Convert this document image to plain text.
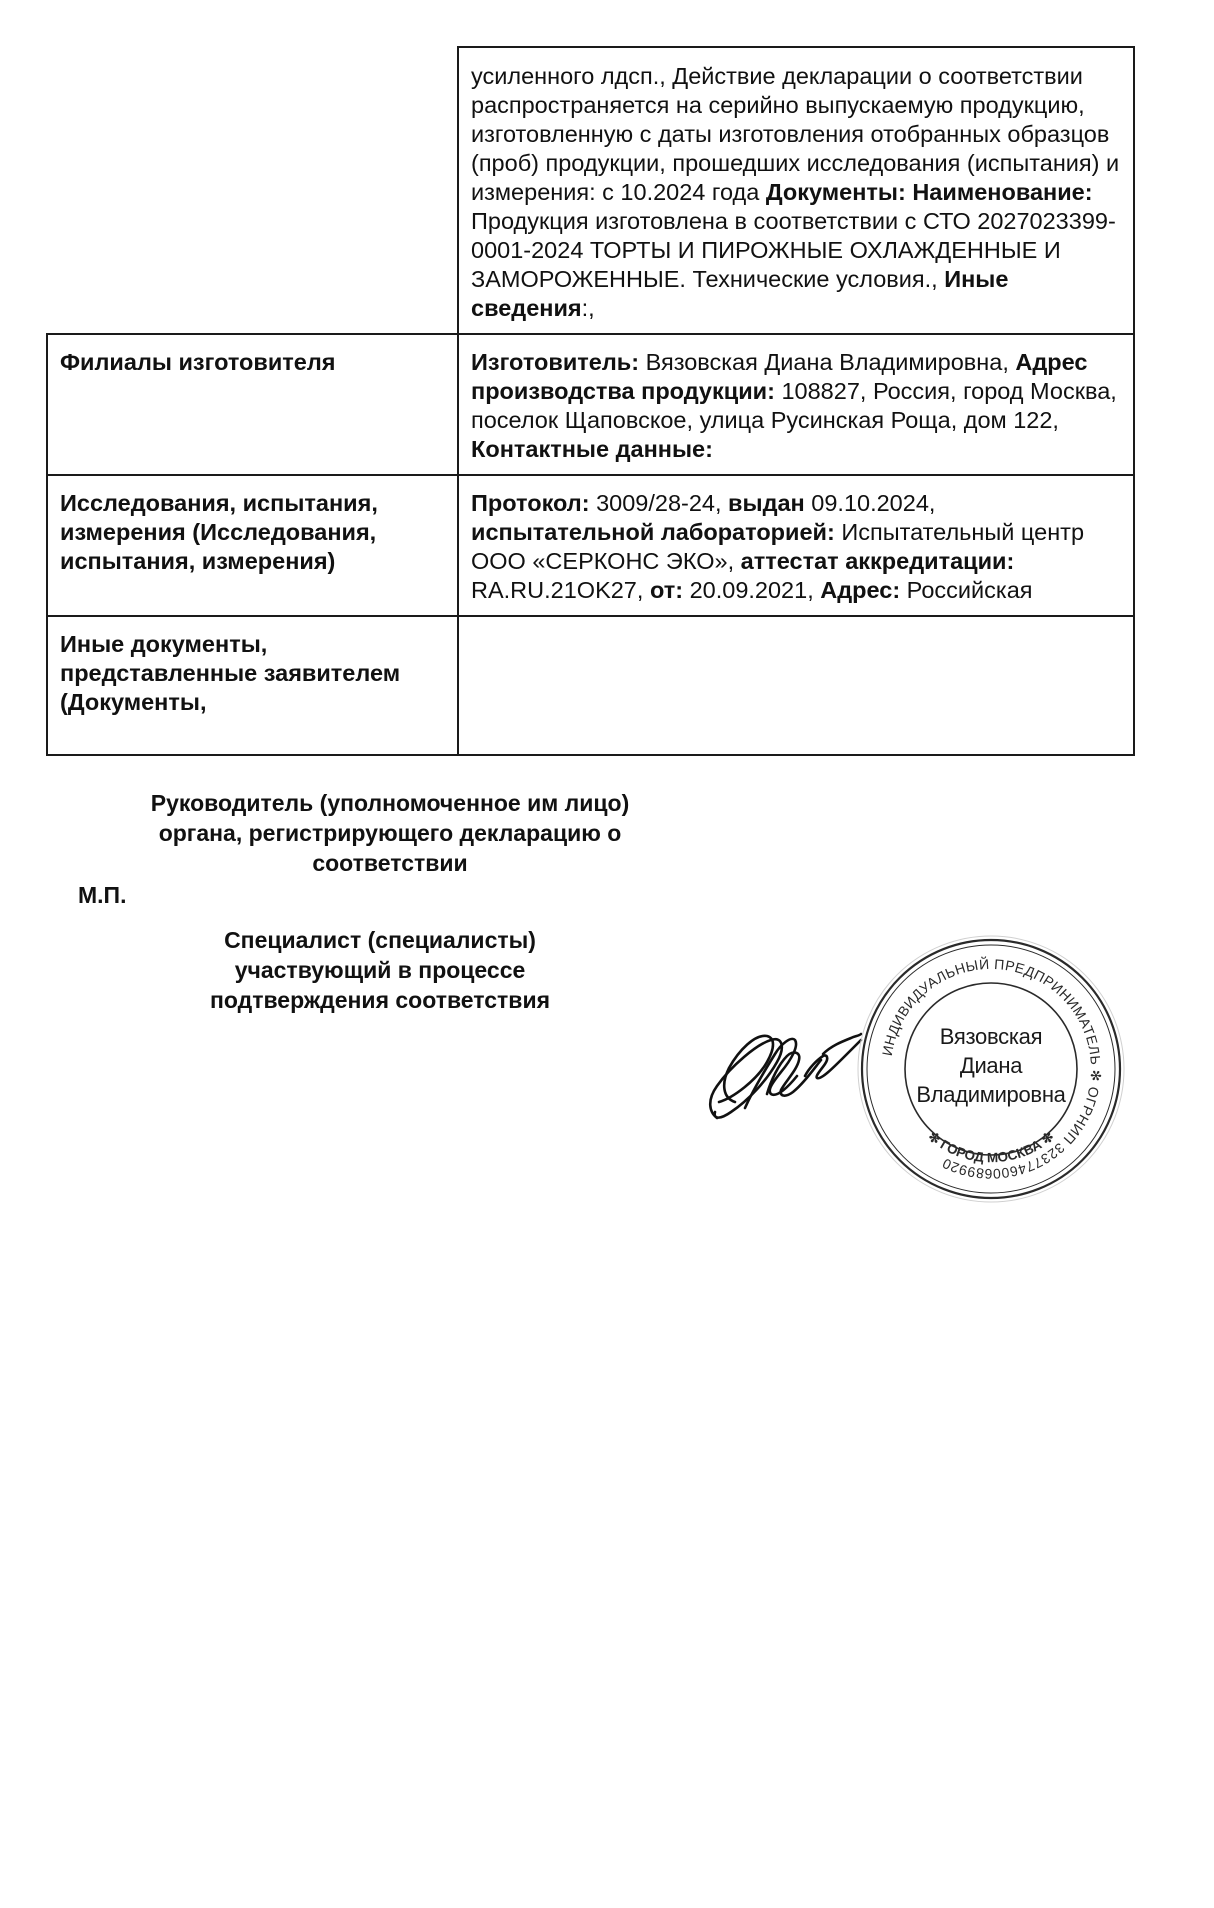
	усиленного лдсп., Действие декларации о соответствии распространяется на серийно выпускаемую продукцию, изготовленную с даты изготовления отобранных образцов (проб) продукции, прошедших исследования (испытания) и измерения: с 10.2024 года Документы: Наименование: Продукция изготовлена в соответствии с СТО 2027023399-0001-2024 ТОРТЫ И ПИРОЖНЫЕ ОХЛАЖДЕННЫЕ И ЗАМОРОЖЕННЫЕ. Технические условия., Иные сведения:,
Филиалы изготовителя	Изготовитель: Вязовская Диана Владимировна, Адрес производства продукции: 108827, Россия, город Москва, поселок Щаповское, улица Русинская Роща, дом 122, Контактные данные:
Исследования, испытания, измерения (Исследования, испытания, измерения)	Протокол: 3009/28-24, выдан 09.10.2024, испытательной лабораторией: Испытательный центр ООО «СЕРКОНС ЭКО», аттестат аккредитации: RA.RU.21OK27, от: 20.09.2021, Адрес: Российская
Иные документы, представленные заявителем (Документы,	
Руководитель (уполномоченное им лицо) органа, регистрирующего декларацию о соответствии
М.П.
Специалист (специалисты) участвующий в процессе подтверждения соответствия
ИНДИВИДУАЛЬНЫЙ ПРЕДПРИНИМАТЕЛЬ ✻ ОГРНИП 323774600689920
✻ ГОРОД МОСКВА ✻
Вязовская
Диана
Владимировна
